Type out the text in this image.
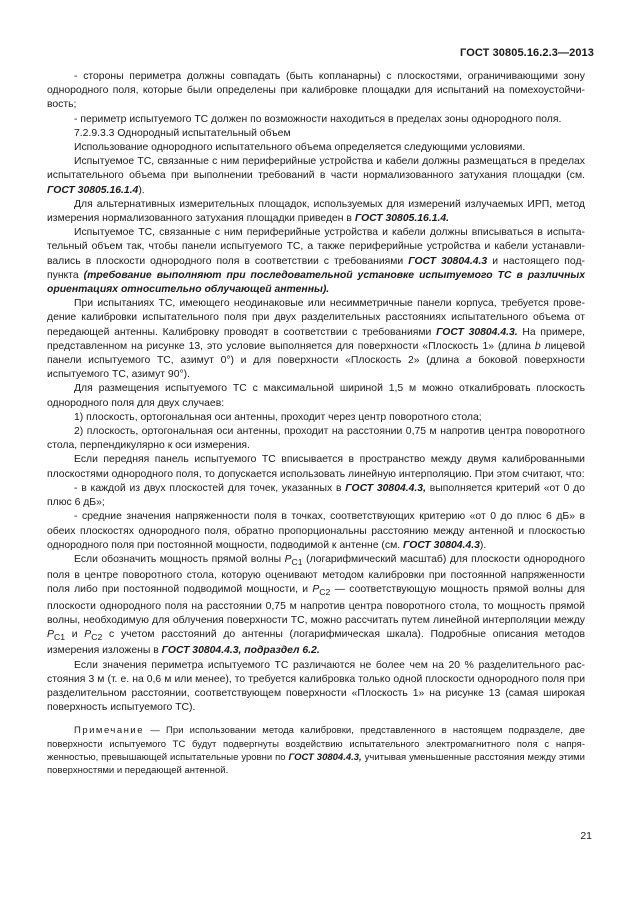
ГОСТ 30805.16.2.3—2013

- стороны периметра должны совпадать (быть копланарны) с плоскостями, ограничивающими зону однородного поля, которые были определены при калибровке площадки для испытаний на помехоустойчивость;

- периметр испытуемого ТС должен по возможности находиться в пределах зоны однородного поля.

7.2.9.3.3 Однородный испытательный объем

Использование однородного испытательного объема определяется следующими условиями.

Испытуемое ТС, связанные с ним периферийные устройства и кабели должны размещаться в пределах испытательного объема при выполнении требований в части нормализованного затухания площадки (см. ГОСТ 30805.16.1.4).

Для альтернативных измерительных площадок, используемых для измерений излучаемых ИРП, метод измерения нормализованного затухания площадки приведен в ГОСТ 30805.16.1.4.

Испытуемое ТС, связанные с ним периферийные устройства и кабели должны вписываться в испытательный объем так, чтобы панели испытуемого ТС, а также периферийные устройства и кабели устанавливались в плоскости однородного поля в соответствии с требованиями ГОСТ 30804.4.3 и настоящего подпункта (требование выполняют при последовательной установке испытуемого ТС в различных ориентациях относительно облучающей антенны).

При испытаниях ТС, имеющего неодинаковые или несимметричные панели корпуса, требуется проведение калибровки испытательного поля при двух разделительных расстояниях испытательного объема от передающей антенны. Калибровку проводят в соответствии с требованиями ГОСТ 30804.4.3. На примере, представленном на рисунке 13, это условие выполняется для поверхности «Плоскость 1» (длина b лицевой панели испытуемого ТС, азимут 0°) и для поверхности «Плоскость 2» (длина a боковой поверхности испытуемого ТС, азимут 90°).

Для размещения испытуемого ТС с максимальной шириной 1,5 м можно откалибровать плоскость однородного поля для двух случаев:

1) плоскость, ортогональная оси антенны, проходит через центр поворотного стола;

2) плоскость, ортогональная оси антенны, проходит на расстоянии 0,75 м напротив центра поворотного стола, перпендикулярно к оси измерения.

Если передняя панель испытуемого ТС вписывается в пространство между двумя калиброванными плоскостями однородного поля, то допускается использовать линейную интерполяцию. При этом считают, что:

- в каждой из двух плоскостей для точек, указанных в ГОСТ 30804.4.3, выполняется критерий «от 0 до плюс 6 дБ»;

- средние значения напряженности поля в точках, соответствующих критерию «от 0 до плюс 6 дБ» в обеих плоскостях однородного поля, обратно пропорциональны расстоянию между антенной и плоскостью однородного поля при постоянной мощности, подводимой к антенне (см. ГОСТ 30804.4.3).

Если обозначить мощность прямой волны $P_{C1}$ (логарифмический масштаб) для плоскости однородного поля в центре поворотного стола, которую оценивают методом калибровки при постоянной напряженности поля либо при постоянной подводимой мощности, и $P_{C2}$ — соответствующую мощность прямой волны для плоскости однородного поля на расстоянии 0,75 м напротив центра поворотного стола, то мощность прямой волны, необходимую для облучения поверхности ТС, можно рассчитать путем линейной интерполяции между $P_{C1}$ и $P_{C2}$ с учетом расстояний до антенны (логарифмическая шкала). Подробные описания методов измерения изложены в ГОСТ 30804.4.3, подраздел 6.2.

Если значения периметра испытуемого ТС различаются не более чем на 20 % разделительного расстояния 3 м (т. е. на 0,6 м или менее), то требуется калибровка только одной плоскости однородного поля при разделительном расстоянии, соответствующем поверхности «Плоскость 1» на рисунке 13 (самая широкая поверхность испытуемого ТС).

Примечание — При использовании метода калибровки, представленного в настоящем подразделе, две поверхности испытуемого ТС будут подвергнуты воздействию испытательного электромагнитного поля с напряженностью, превышающей испытательные уровни по ГОСТ 30804.4.3, учитывая уменьшенные расстояния между этими поверхностями и передающей антенной.

21
